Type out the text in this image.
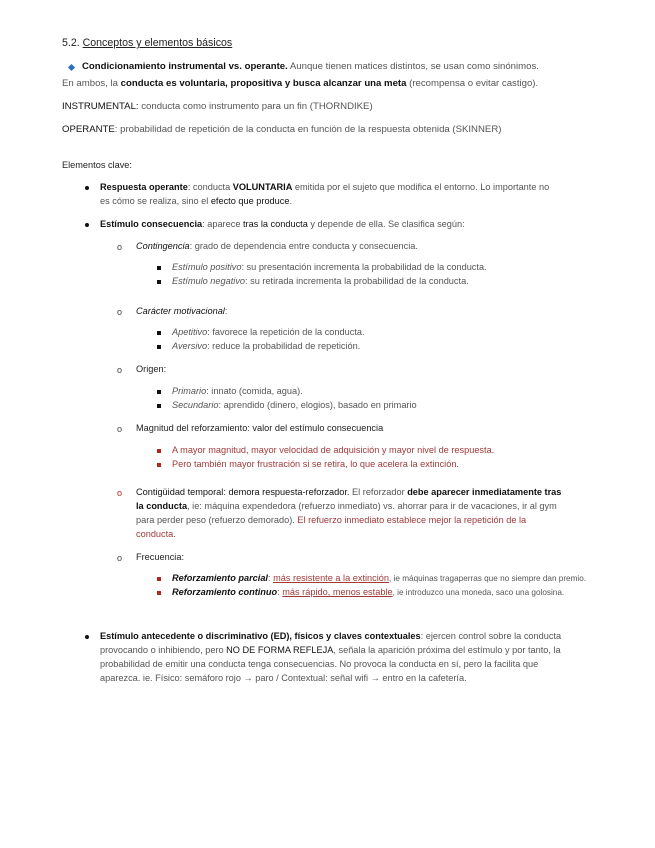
5.2. Conceptos y elementos básicos
Condicionamiento instrumental vs. operante. Aunque tienen matices distintos, se usan como sinónimos.
En ambos, la conducta es voluntaria, propositiva y busca alcanzar una meta (recompensa o evitar castigo).
INSTRUMENTAL: conducta como instrumento para un fin (THORNDIKE)
OPERANTE: probabilidad de repetición de la conducta en función de la respuesta obtenida (SKINNER)
Elementos clave:
Respuesta operante: conducta VOLUNTARIA emitida por el sujeto que modifica el entorno. Lo importante no
es cómo se realiza, sino el efecto que produce.
Estímulo consecuencia: aparece tras la conducta y depende de ella. Se clasifica según:
o Contingencia: grado de dependencia entre conducta y consecuencia.
Estímulo positivo: su presentación incrementa la probabilidad de la conducta.
Estímulo negativo: su retirada incrementa la probabilidad de la conducta.
o Carácter motivacional:
Apetitivo: favorece la repetición de la conducta.
Aversivo: reduce la probabilidad de repetición.
o Origen:
Primario: innato (comida, agua).
Secundario: aprendido (dinero, elogios), basado en primario
o Magnitud del reforzamiento: valor del estímulo consecuencia
A mayor magnitud, mayor velocidad de adquisición y mayor nivel de respuesta.
Pero también mayor frustración si se retira, lo que acelera la extinción.
o Contigüidad temporal: demora respuesta-reforzador. El reforzador debe aparecer inmediatamente tras
la conducta, ie: máquina expendedora (refuerzo inmediato) vs. ahorrar para ir de vacaciones, ir al gym
para perder peso (refuerzo demorado). El refuerzo inmediato establece mejor la repetición de la
conducta.
o Frecuencia:
Reforzamiento parcial: más resistente a la extinción, ie máquinas tragaperras que no siempre dan premio.
Reforzamiento continuo: más rápido, menos estable, ie introduzco una moneda, saco una golosina.
Estímulo antecedente o discriminativo (ED), físicos y claves contextuales: ejercen control sobre la conducta
provocando o inhibiendo, pero NO DE FORMA REFLEJA, señala la aparición próxima del estímulo y por tanto, la
probabilidad de emitir una conducta tenga consecuencias. No provoca la conducta en sí, pero la facilita que
aparezca. ie. Físico: semáforo rojo → paro / Contextual: señal wifi → entro en la cafetería.
